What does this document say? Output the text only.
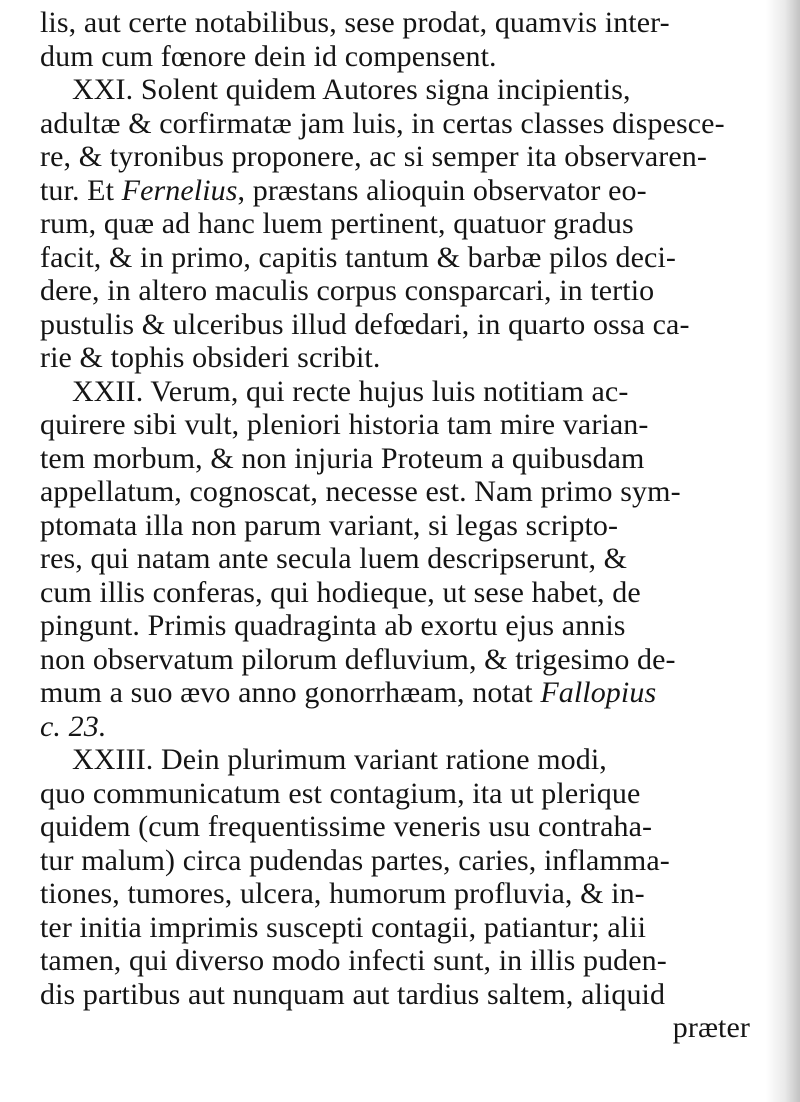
lis, aut certe notabilibus, sese prodat, quamvis inter-
dum cum fœnore dein id compensent.
XXI. Solent quidem Autores signa incipientis,
adultæ & corfirmatæ jam luis, in certas classes dispesce-
re, & tyronibus proponere, ac si semper ita observaren-
tur. Et Fernelius, præstans alioquin observator eo-
rum, quæ ad hanc luem pertinent, quatuor gradus
facit, & in primo, capitis tantum & barbæ pilos deci-
dere, in altero maculis corpus consparcari, in tertio
pustulis & ulceribus illud defœdari, in quarto ossa ca-
rie & tophis obsideri scribit.
XXII. Verum, qui recte hujus luis notitiam ac-
quirere sibi vult, pleniori historia tam mire varian-
tem morbum, & non injuria Proteum a quibusdam
appellatum, cognoscat, necesse est. Nam primo sym-
ptomata illa non parum variant, si legas scripto-
res, qui natam ante secula luem descripserunt, &
cum illis conferas, qui hodieque, ut sese habet, de
pingunt. Primis quadraginta ab exortu ejus annis
non observatum pilorum defluvium, & trigesimo de-
mum a suo ævo anno gonorrhæam, notat Fallopius
c. 23.
XXIII. Dein plurimum variant ratione modi,
quo communicatum est contagium, ita ut plerique
quidem (cum frequentissime veneris usu contraha-
tur malum) circa pudendas partes, caries, inflamma-
tiones, tumores, ulcera, humorum profluvia, & in-
ter initia imprimis suscepti contagii, patiantur; alii
tamen, qui diverso modo infecti sunt, in illis puden-
dis partibus aut nunquam aut tardius saltem, aliquid
præter
